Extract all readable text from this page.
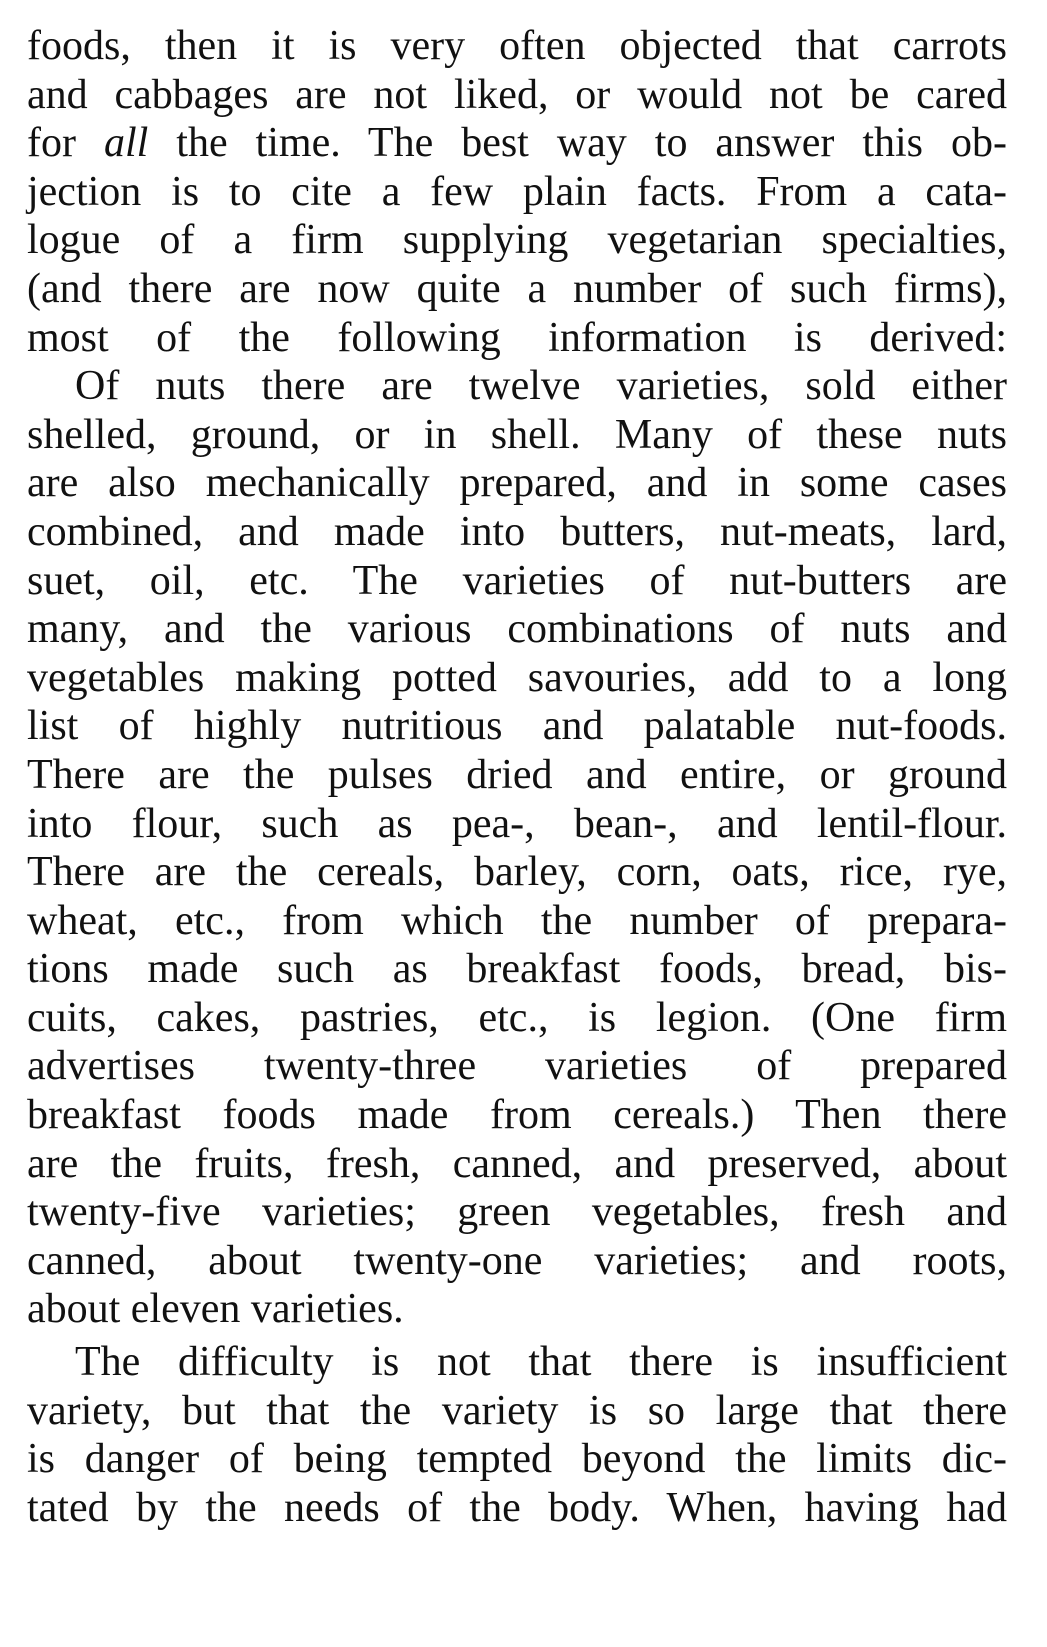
foods, then it is very often objected that carrots
and cabbages are not liked, or would not be cared
for all the time. The best way to answer this ob-
jection is to cite a few plain facts. From a cata-
logue of a firm supplying vegetarian specialties,
(and there are now quite a number of such firms),
most of the following information is derived:
Of nuts there are twelve varieties, sold either
shelled, ground, or in shell. Many of these nuts
are also mechanically prepared, and in some cases
combined, and made into butters, nut-meats, lard,
suet, oil, etc. The varieties of nut-butters are
many, and the various combinations of nuts and
vegetables making potted savouries, add to a long
list of highly nutritious and palatable nut-foods.
There are the pulses dried and entire, or ground
into flour, such as pea-, bean-, and lentil-flour.
There are the cereals, barley, corn, oats, rice, rye,
wheat, etc., from which the number of prepara-
tions made such as breakfast foods, bread, bis-
cuits, cakes, pastries, etc., is legion. (One firm
advertises twenty-three varieties of prepared
breakfast foods made from cereals.) Then there
are the fruits, fresh, canned, and preserved, about
twenty-five varieties; green vegetables, fresh and
canned, about twenty-one varieties; and roots,
about eleven varieties.
The difficulty is not that there is insufficient
variety, but that the variety is so large that there
is danger of being tempted beyond the limits dic-
tated by the needs of the body. When, having had
